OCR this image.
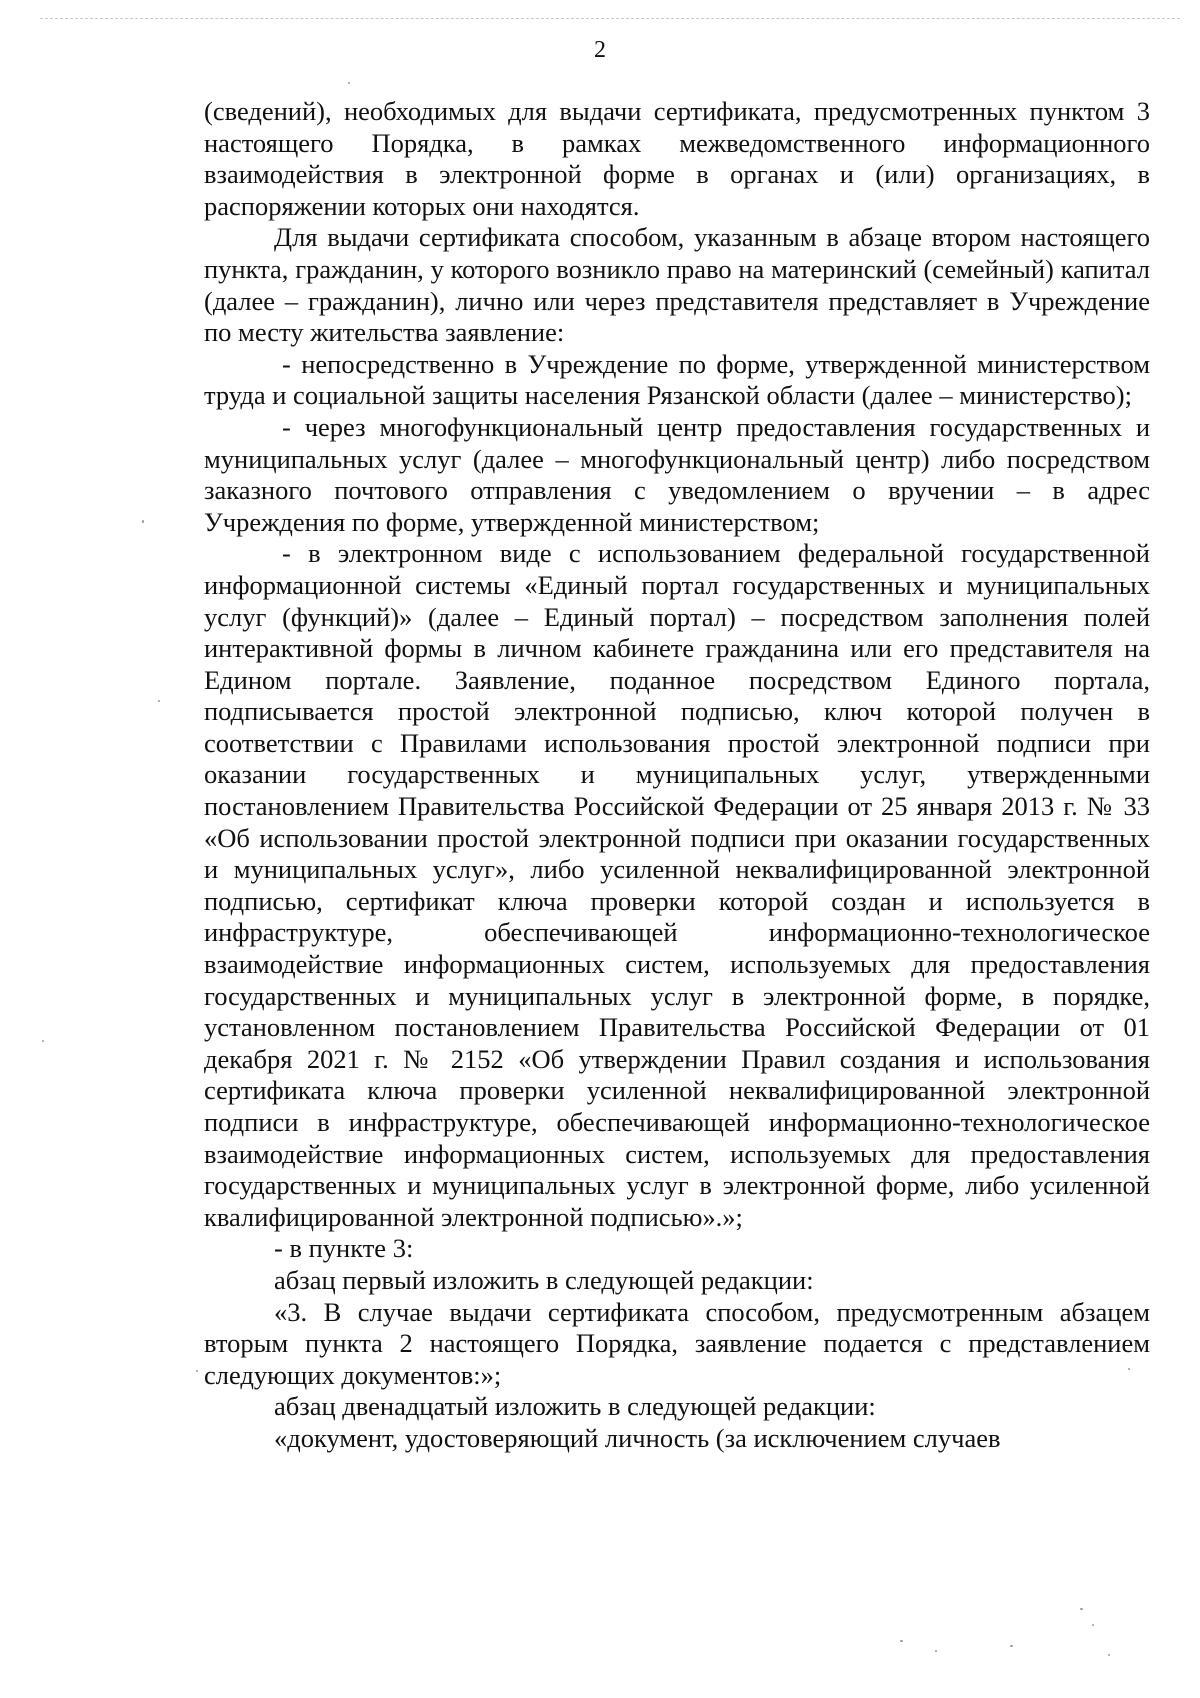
2

(сведений), необходимых для выдачи сертификата, предусмотренных пунктом 3 настоящего Порядка, в рамках межведомственного информационного взаимодействия в электронной форме в органах и (или) организациях, в распоряжении которых они находятся.

Для выдачи сертификата способом, указанным в абзаце втором настоящего пункта, гражданин, у которого возникло право на материнский (семейный) капитал (далее – гражданин), лично или через представителя представляет в Учреждение по месту жительства заявление:

- непосредственно в Учреждение по форме, утвержденной министерством труда и социальной защиты населения Рязанской области (далее – министерство);

- через многофункциональный центр предоставления государственных и муниципальных услуг (далее – многофункциональный центр) либо посредством заказного почтового отправления с уведомлением о вручении – в адрес Учреждения по форме, утвержденной министерством;

- в электронном виде с использованием федеральной государственной информационной системы «Единый портал государственных и муниципальных услуг (функций)» (далее – Единый портал) – посредством заполнения полей интерактивной формы в личном кабинете гражданина или его представителя на Едином портале. Заявление, поданное посредством Единого портала, подписывается простой электронной подписью, ключ которой получен в соответствии с Правилами использования простой электронной подписи при оказании государственных и муниципальных услуг, утвержденными постановлением Правительства Российской Федерации от 25 января 2013 г. № 33 «Об использовании простой электронной подписи при оказании государственных и муниципальных услуг», либо усиленной неквалифицированной электронной подписью, сертификат ключа проверки которой создан и используется в инфраструктуре, обеспечивающей информационно-технологическое взаимодействие информационных систем, используемых для предоставления государственных и муниципальных услуг в электронной форме, в порядке, установленном постановлением Правительства Российской Федерации от 01 декабря 2021 г. № 2152 «Об утверждении Правил создания и использования сертификата ключа проверки усиленной неквалифицированной электронной подписи в инфраструктуре, обеспечивающей информационно-технологическое взаимодействие информационных систем, используемых для предоставления государственных и муниципальных услуг в электронной форме, либо усиленной квалифицированной электронной подписью».»;

- в пункте 3:

абзац первый изложить в следующей редакции:

«3. В случае выдачи сертификата способом, предусмотренным абзацем вторым пункта 2 настоящего Порядка, заявление подается с представлением следующих документов:»;

абзац двенадцатый изложить в следующей редакции:

«документ, удостоверяющий личность (за исключением случаев
